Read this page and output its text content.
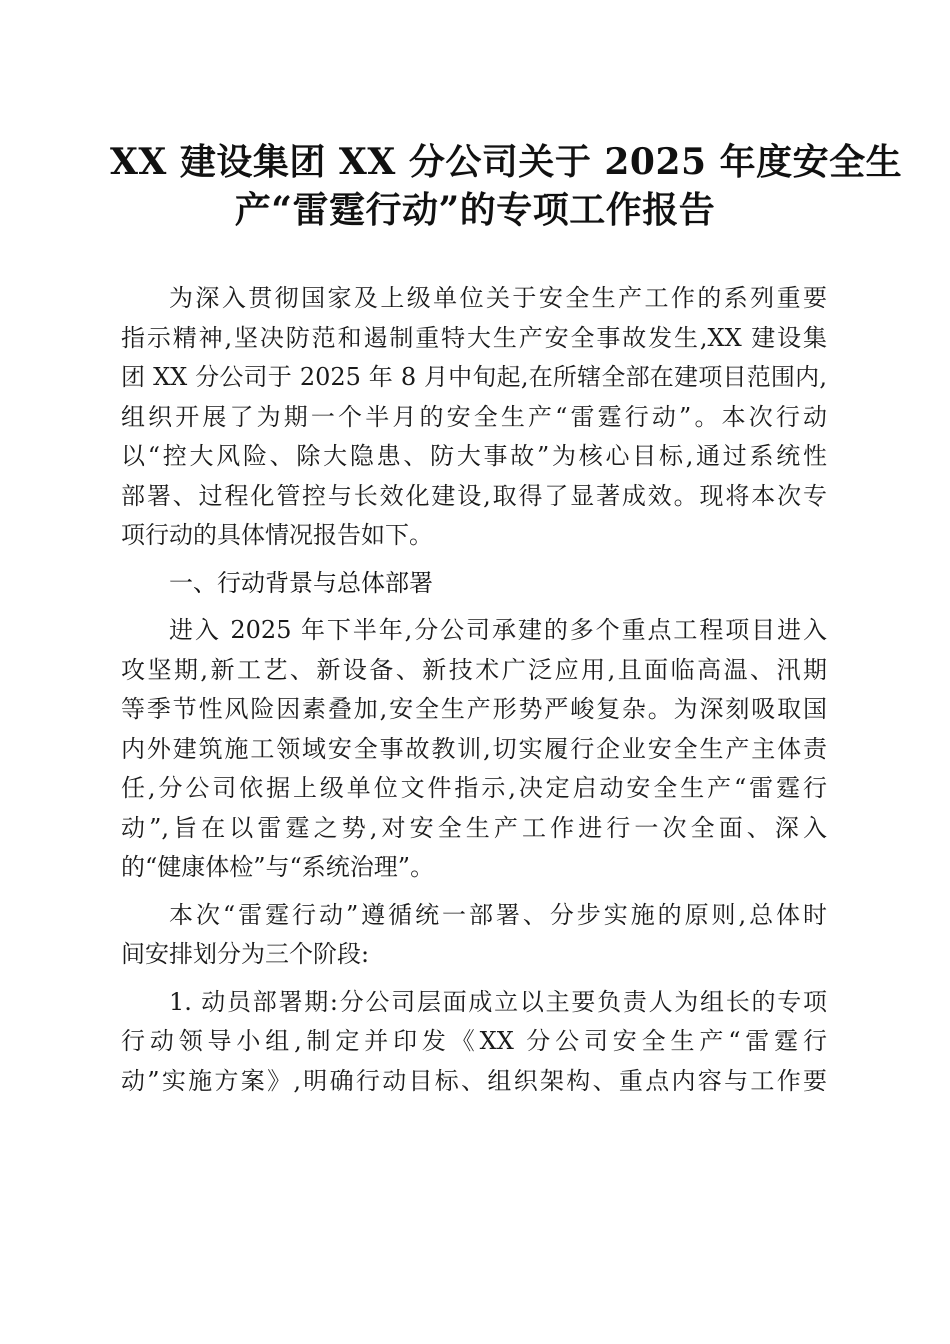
XX 建设集团 XX 分公司关于 2025 年度安全生
产“雷霆行动”的专项工作报告
为深入贯彻国家及上级单位关于安全生产工作的系列重要
指示精神,坚决防范和遏制重特大生产安全事故发生,XX 建设集
团 XX 分公司于 2025 年 8 月中旬起,在所辖全部在建项目范围内,
组织开展了为期一个半月的安全生产“雷霆行动”。本次行动
以“控大风险、除大隐患、防大事故”为核心目标,通过系统性
部署、过程化管控与长效化建设,取得了显著成效。现将本次专
项行动的具体情况报告如下。
一、行动背景与总体部署
进入 2025 年下半年,分公司承建的多个重点工程项目进入
攻坚期,新工艺、新设备、新技术广泛应用,且面临高温、汛期
等季节性风险因素叠加,安全生产形势严峻复杂。为深刻吸取国
内外建筑施工领域安全事故教训,切实履行企业安全生产主体责
任,分公司依据上级单位文件指示,决定启动安全生产“雷霆行
动”,旨在以雷霆之势,对安全生产工作进行一次全面、深入
的“健康体检”与“系统治理”。
本次“雷霆行动”遵循统一部署、分步实施的原则,总体时
间安排划分为三个阶段:
1. 动员部署期:分公司层面成立以主要负责人为组长的专项
行动领导小组,制定并印发《XX 分公司安全生产“雷霆行
动”实施方案》,明确行动目标、组织架构、重点内容与工作要
